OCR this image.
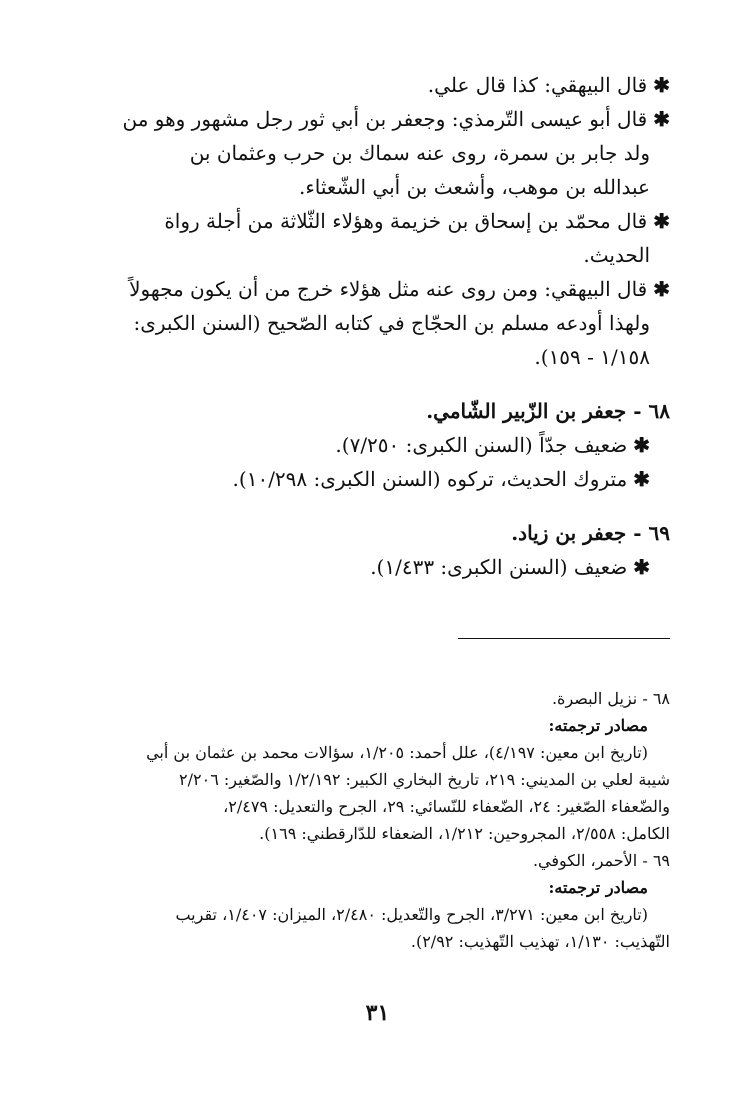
✱قال البيهقي: كذا قال علي.

✱قال أبو عيسى التّرمذي: وجعفر بن أبي ثور رجل مشهور وهو من

ولد جابر بن سمرة، روى عنه سماك بن حرب وعثمان بن

عبدالله بن موهب، وأشعث بن أبي الشّعثاء.

✱قال محمّد بن إسحاق بن خزيمة وهؤلاء الثّلاثة من أجلة رواة

الحديث.

✱قال البيهقي: ومن روى عنه مثل هؤلاء خرج من أن يكون مجهولاً

ولهذا أودعه مسلم بن الحجّاج في كتابه الصّحيح (السنن الكبرى:

١/١٥٨ - ١٥٩).

٦٨ - جعفر بن الزّبير الشّامي.

✱ضعيف جدّاً (السنن الكبرى: ٧/٢٥٠).

✱متروك الحديث، تركوه (السنن الكبرى: ١٠/٢٩٨).

٦٩ - جعفر بن زياد.

✱ضعيف (السنن الكبرى: ١/٤٣٣).

٦٨ - نزيل البصرة.

مصادر ترجمته:

(تاريخ ابن معين: ٤/١٩٧)، علل أحمد: ١/٢٠٥، سؤالات محمد بن عثمان بن أبي

شيبة لعلي بن المديني: ٢١٩، تاريخ البخاري الكبير: ١/٢/١٩٢ والصّغير: ٢/٢٠٦

والضّعفاء الصّغير: ٢٤، الضّعفاء للنّسائي: ٢٩، الجرح والتعديل: ٢/٤٧٩،

الكامل: ٢/٥٥٨، المجروحين: ١/٢١٢، الضعفاء للدّارقطني: ١٦٩).

٦٩ - الأحمر، الكوفي.

مصادر ترجمته:

(تاريخ ابن معين: ٣/٢٧١، الجرح والتّعديل: ٢/٤٨٠، الميزان: ١/٤٠٧، تقريب

التّهذيب: ١/١٣٠، تهذيب التّهذيب: ٢/٩٢).

٣١
